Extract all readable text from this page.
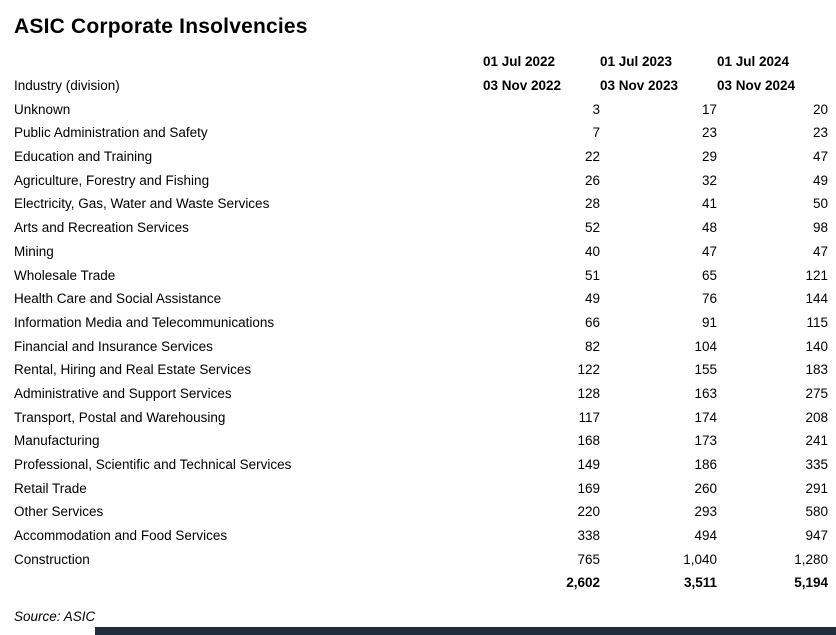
ASIC Corporate Insolvencies
	01 Jul 2022	01 Jul 2023	01 Jul 2024
Industry (division)	03 Nov 2022	03 Nov 2023	03 Nov 2024
Unknown	3	17	20
Public Administration and Safety	7	23	23
Education and Training	22	29	47
Agriculture, Forestry and Fishing	26	32	49
Electricity, Gas, Water and Waste Services	28	41	50
Arts and Recreation Services	52	48	98
Mining	40	47	47
Wholesale Trade	51	65	121
Health Care and Social Assistance	49	76	144
Information Media and Telecommunications	66	91	115
Financial and Insurance Services	82	104	140
Rental, Hiring and Real Estate Services	122	155	183
Administrative and Support Services	128	163	275
Transport, Postal and Warehousing	117	174	208
Manufacturing	168	173	241
Professional, Scientific and Technical Services	149	186	335
Retail Trade	169	260	291
Other Services	220	293	580
Accommodation and Food Services	338	494	947
Construction	765	1,040	1,280
	2,602	3,511	5,194
Source: ASIC
